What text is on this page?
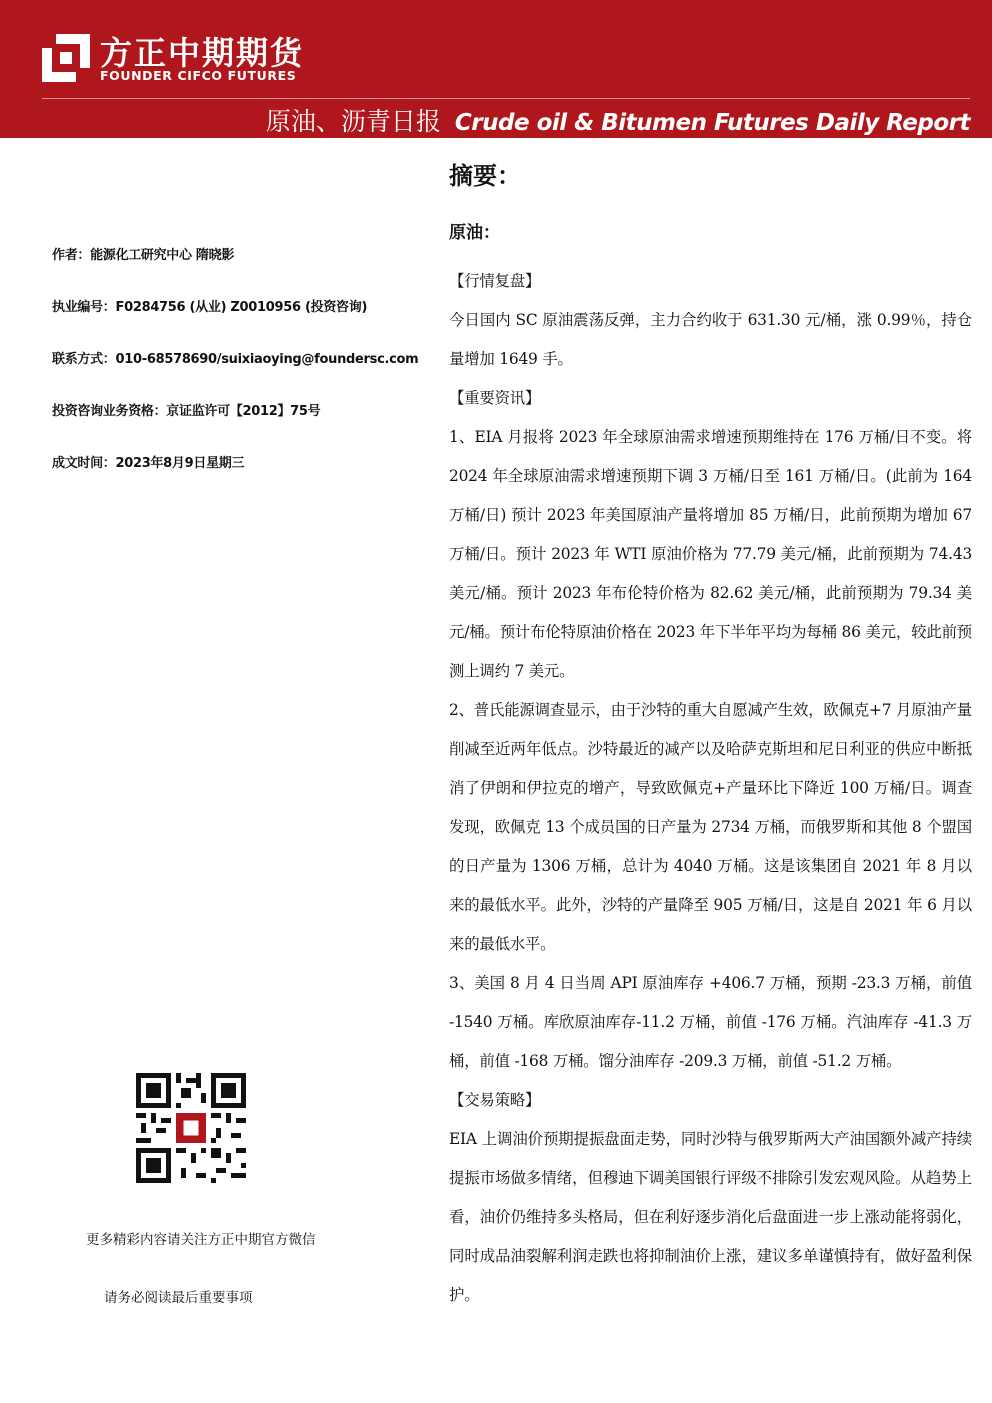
方正中期期货
FOUNDER CIFCO FUTURES
原油、沥青日报 Crude oil & Bitumen Futures Daily Report
作者：能源化工研究中心 隋晓影
执业编号：F0284756 (从业) Z0010956 (投资咨询)
联系方式：010-68578690/suixiaoying@foundersc.com
投资咨询业务资格：京证监许可【2012】75号
成文时间：2023年8月9日星期三
更多精彩内容请关注方正中期官方微信
请务必阅读最后重要事项
摘要：
原油：

【行情复盘】

今日国内 SC 原油震荡反弹，主力合约收于 631.30 元/桶，涨 0.99％，持仓量增加 1649 手。

【重要资讯】

1、EIA 月报将 2023 年全球原油需求增速预期维持在 176 万桶/日不变。将 2024 年全球原油需求增速预期下调 3 万桶/日至 161 万桶/日。(此前为 164 万桶/日) 预计 2023 年美国原油产量将增加 85 万桶/日，此前预期为增加 67 万桶/日。预计 2023 年 WTI 原油价格为 77.79 美元/桶，此前预期为 74.43 美元/桶。预计 2023 年布伦特价格为 82.62 美元/桶，此前预期为 79.34 美元/桶。预计布伦特原油价格在 2023 年下半年平均为每桶 86 美元，较此前预测上调约 7 美元。

2、普氏能源调查显示，由于沙特的重大自愿减产生效，欧佩克+7 月原油产量削减至近两年低点。沙特最近的减产以及哈萨克斯坦和尼日利亚的供应中断抵消了伊朗和伊拉克的增产，导致欧佩克+产量环比下降近 100 万桶/日。调查发现，欧佩克 13 个成员国的日产量为 2734 万桶，而俄罗斯和其他 8 个盟国的日产量为 1306 万桶，总计为 4040 万桶。这是该集团自 2021 年 8 月以来的最低水平。此外，沙特的产量降至 905 万桶/日，这是自 2021 年 6 月以来的最低水平。

3、美国 8 月 4 日当周 API 原油库存 +406.7 万桶，预期 -23.3 万桶，前值 -1540 万桶。库欣原油库存-11.2 万桶，前值 -176 万桶。汽油库存 -41.3 万桶，前值 -168 万桶。馏分油库存 -209.3 万桶，前值 -51.2 万桶。

【交易策略】

EIA 上调油价预期提振盘面走势，同时沙特与俄罗斯两大产油国额外减产持续提振市场做多情绪，但穆迪下调美国银行评级不排除引发宏观风险。从趋势上看，油价仍维持多头格局，但在利好逐步消化后盘面进一步上涨动能将弱化，同时成品油裂解利润走跌也将抑制油价上涨，建议多单谨慎持有，做好盈利保护。
